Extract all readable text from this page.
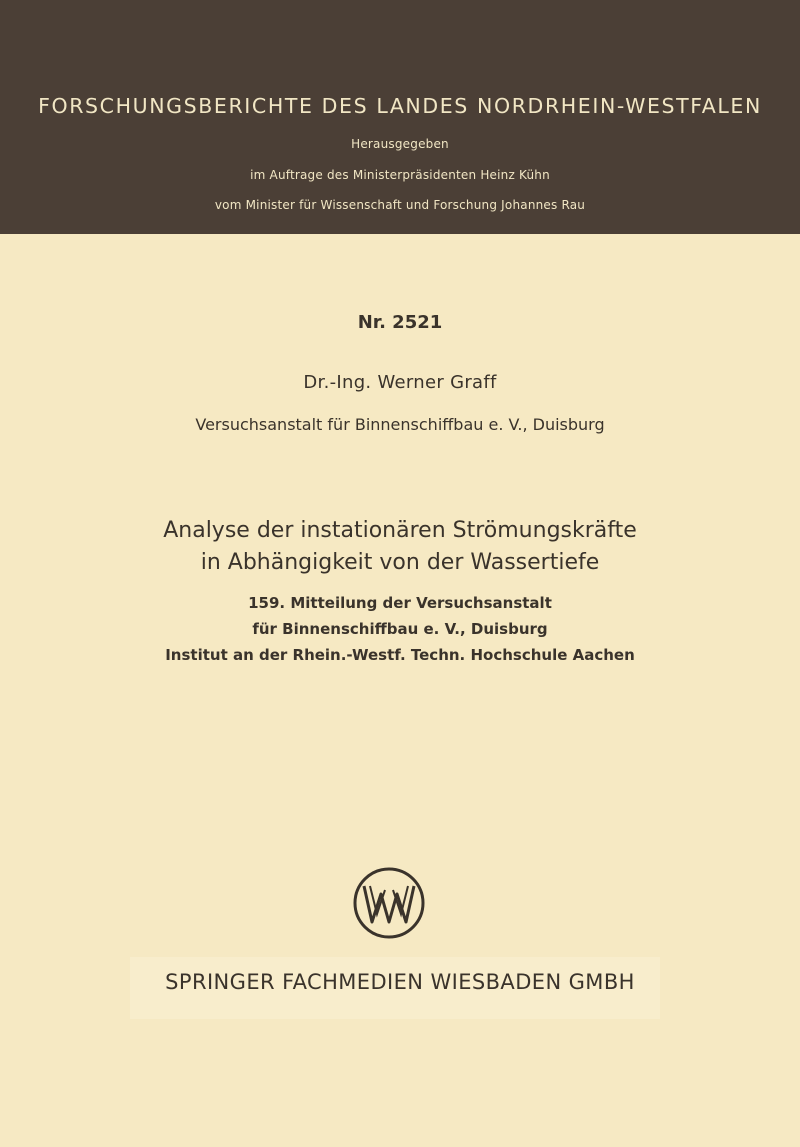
FORSCHUNGSBERICHTE DES LANDES NORDRHEIN-WESTFALEN
Herausgegeben
im Auftrage des Ministerpräsidenten Heinz Kühn
vom Minister für Wissenschaft und Forschung Johannes Rau
Nr. 2521
Dr.-Ing. Werner Graff
Versuchsanstalt für Binnenschiffbau e. V., Duisburg
Analyse der instationären Strömungskräfte
in Abhängigkeit von der Wassertiefe
159. Mitteilung der Versuchsanstalt
für Binnenschiffbau e. V., Duisburg
Institut an der Rhein.-Westf. Techn. Hochschule Aachen
SPRINGER FACHMEDIEN WIESBADEN GMBH
